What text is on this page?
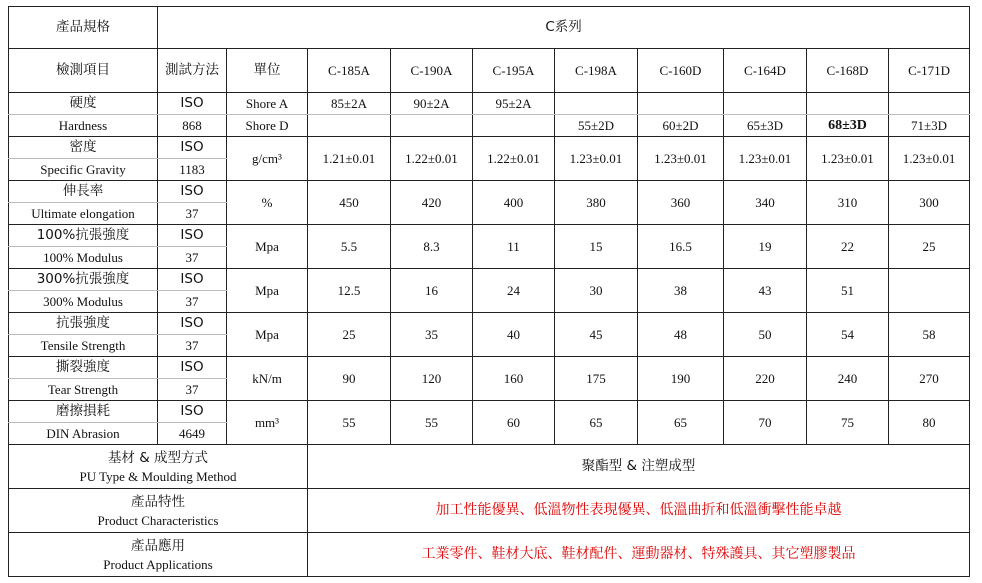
產品規格	C系列									
檢測項目	測試方法	單位	C-185A	C-190A	C-195A	C-198A	C-160D	C-164D	C-168D	C-171D
硬度	ISO	Shore A	85±2A	90±2A	95±2A					
Hardness	868	Shore D				55±2D	60±2D	65±3D	68±3D	71±3D
密度	ISO	g/cm³	1.21±0.01	1.22±0.01	1.22±0.01	1.23±0.01	1.23±0.01	1.23±0.01	1.23±0.01	1.23±0.01
Specific Gravity	1183									
伸長率	ISO	%	450	420	400	380	360	340	310	300
Ultimate elongation	37									
100%抗張強度	ISO	Mpa	5.5	8.3	11	15	16.5	19	22	25
100% Modulus	37									
300%抗張強度	ISO	Mpa	12.5	16	24	30	38	43	51	
300% Modulus	37									
抗張強度	ISO	Mpa	25	35	40	45	48	50	54	58
Tensile Strength	37									
撕裂強度	ISO	kN/m	90	120	160	175	190	220	240	270
Tear Strength	37									
磨擦損耗	ISO	mm³	55	55	60	65	65	70	75	80
DIN Abrasion	4649									

基材 & 成型方式
PU Type & Moulding Method			聚酯型 & 注塑成型							

產品特性
Product Characteristics			加工性能優異、低溫物性表現優異、低溫曲折和低溫衝擊性能卓越							

產品應用
Product Applications			工業零件、鞋材大底、鞋材配件、運動器材、特殊護具、其它塑膠製品							
